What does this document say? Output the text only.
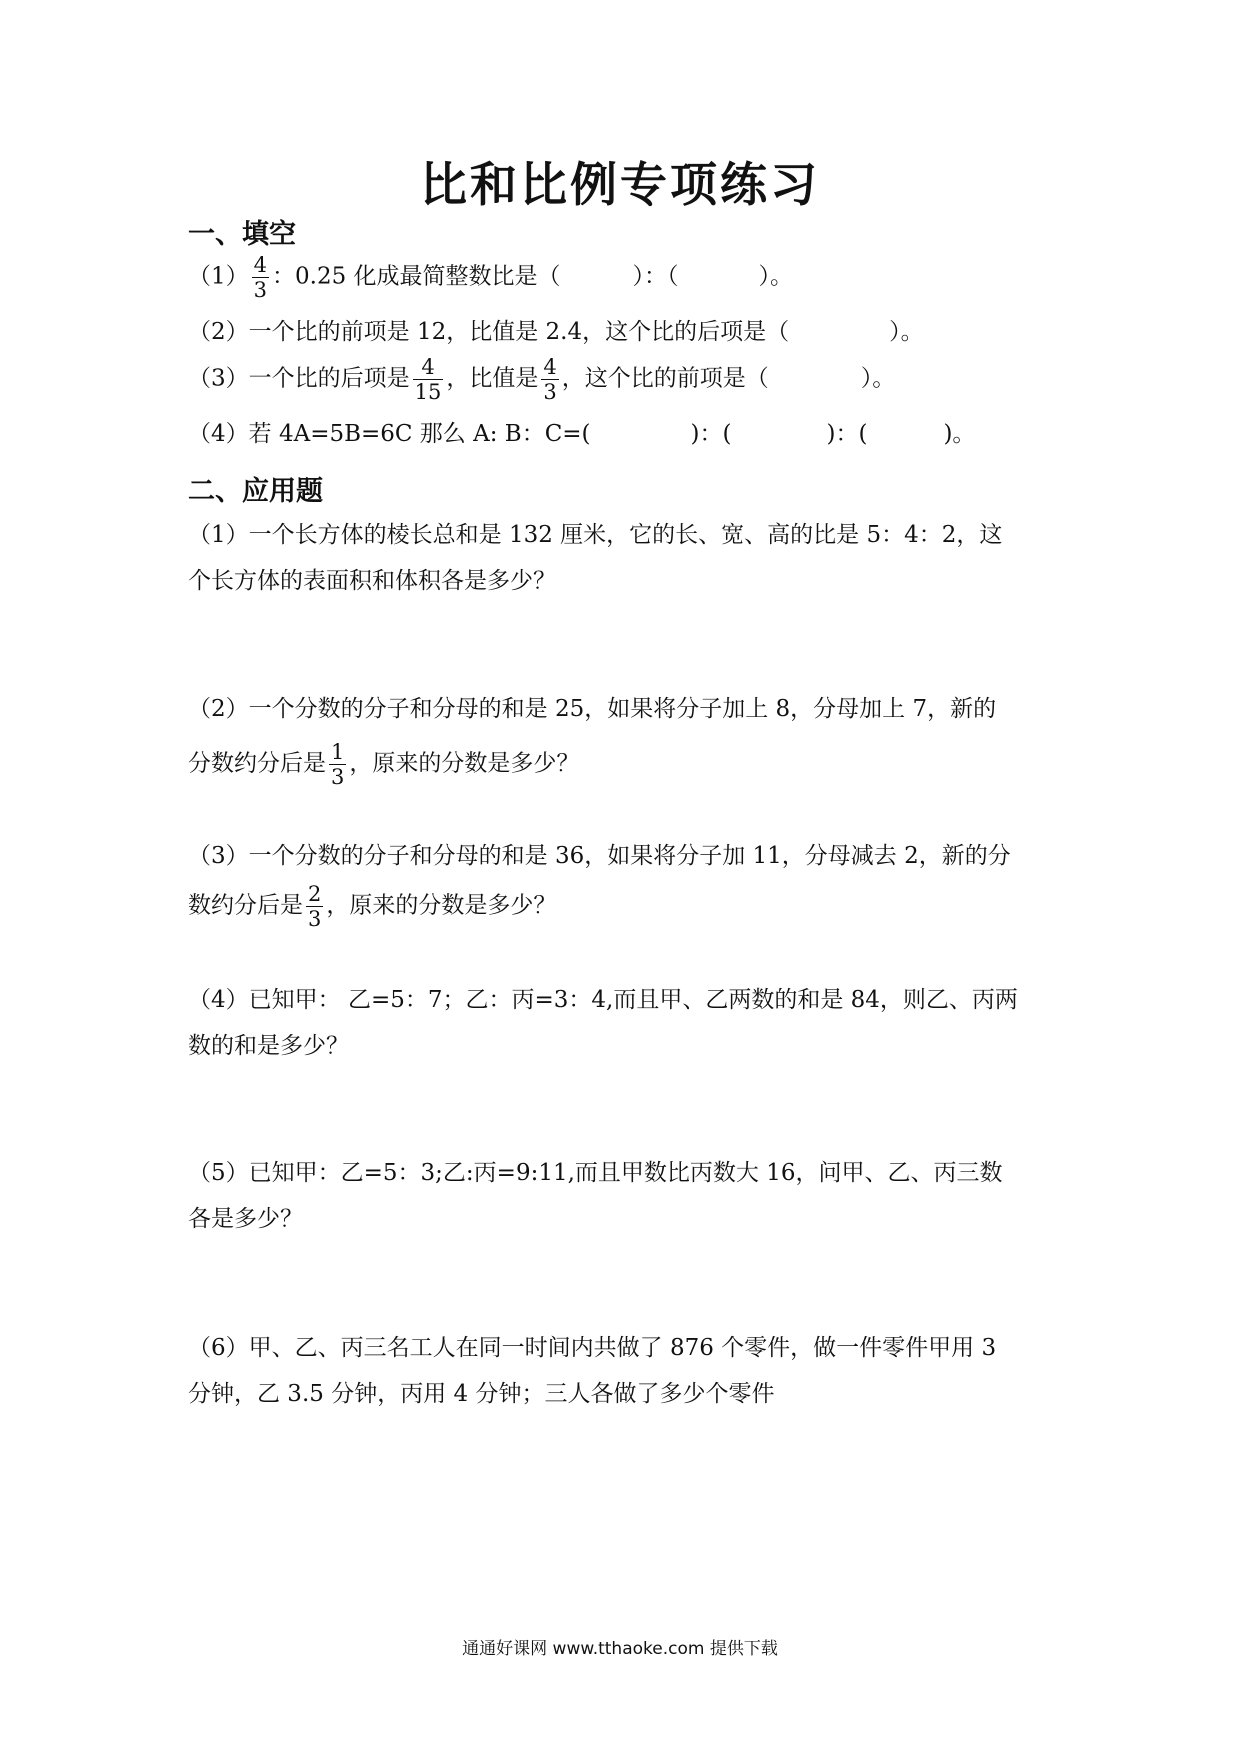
比和比例专项练习
一、填空
$(1) \frac{4}{3}$ ：0.25 化成最简整数比是（	）：（	）。
（2）一个比的前项是 12，比值是 2.4，这个比的后项是（	）。
（3）一个比的后项是 $\frac{4}{15}$ ，比值是 $\frac{4}{3}$ ，这个比的前项是（	）。
（4）若 4A=5B=6C 那么 A: B：C=(	)：(	)：(	)。
二、应用题
（1）一个长方体的棱长总和是 132 厘米，它的长、宽、高的比是 5：4：2，这
个长方体的表面积和体积各是多少？
（2）一个分数的分子和分母的和是 25，如果将分子加上 8，分母加上 7，新的
分数约分后是 $\frac{1}{3}$ ，原来的分数是多少？
（3）一个分数的分子和分母的和是 36，如果将分子加 11，分母减去 2，新的分
数约分后是 $\frac{2}{3}$ ，原来的分数是多少？
（4）已知甲： 乙=5：7；乙：丙=3：4,而且甲、乙两数的和是 84，则乙、丙两
数的和是多少？
（5）已知甲：乙=5：3;乙:丙=9:11,而且甲数比丙数大 16，问甲、乙、丙三数
各是多少？
（6）甲、乙、丙三名工人在同一时间内共做了 876 个零件，做一件零件甲用 3
分钟，乙 3.5 分钟，丙用 4 分钟；三人各做了多少个零件
通通好课网 www.tthaoke.com 提供下载
